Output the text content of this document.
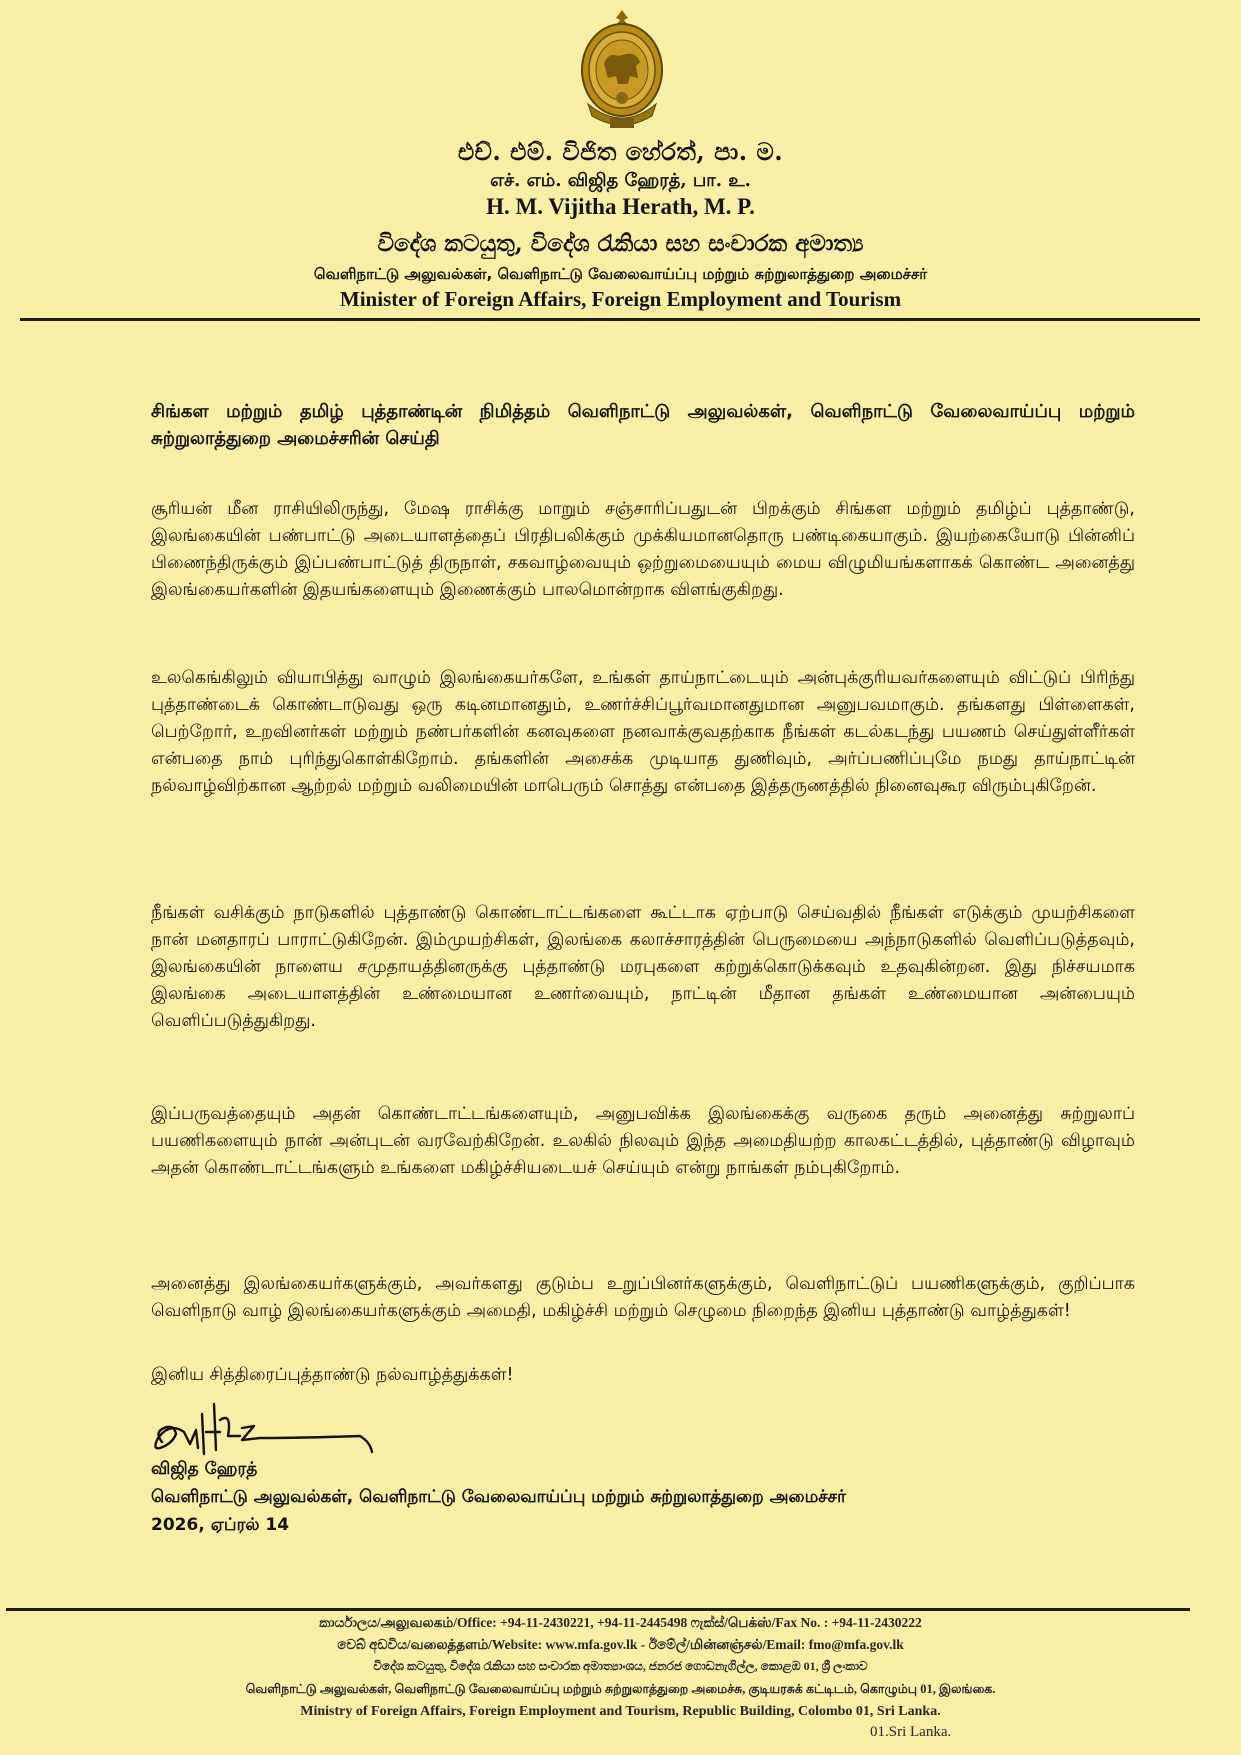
එච්. එම්. විජිත හේරත්, පා. ම.
எச். எம். விஜித ஹேரத், பா. உ.
H. M. Vijitha Herath, M. P.
විදේශ කටයුතු, විදේශ රැකියා සහ සංචාරක අමාත්‍ය
வெளிநாட்டு அலுவல்கள், வெளிநாட்டு வேலைவாய்ப்பு மற்றும் சுற்றுலாத்துறை அமைச்சர்
Minister of Foreign Affairs, Foreign Employment and Tourism
சிங்கள மற்றும் தமிழ் புத்தாண்டின் நிமித்தம் வெளிநாட்டு அலுவல்கள், வெளிநாட்டு வேலைவாய்ப்பு மற்றும் சுற்றுலாத்துறை அமைச்சரின் செய்தி

சூரியன் மீன ராசியிலிருந்து, மேஷ ராசிக்கு மாறும் சஞ்சாரிப்பதுடன் பிறக்கும் சிங்கள மற்றும் தமிழ்ப் புத்தாண்டு, இலங்கையின் பண்பாட்டு அடையாளத்தைப் பிரதிபலிக்கும் முக்கியமானதொரு பண்டிகையாகும். இயற்கையோடு பின்னிப் பிணைந்திருக்கும் இப்பண்பாட்டுத் திருநாள், சகவாழ்வையும் ஒற்றுமையையும் மைய விழுமியங்களாகக் கொண்ட அனைத்து இலங்கையர்களின் இதயங்களையும் இணைக்கும் பாலமொன்றாக விளங்குகிறது.

உலகெங்கிலும் வியாபித்து வாழும் இலங்கையர்களே, உங்கள் தாய்நாட்டையும் அன்புக்குரியவர்களையும் விட்டுப் பிரிந்து புத்தாண்டைக் கொண்டாடுவது ஒரு கடினமானதும், உணர்ச்சிப்பூர்வமானதுமான அனுபவமாகும். தங்களது பிள்ளைகள், பெற்றோர், உறவினர்கள் மற்றும் நண்பர்களின் கனவுகளை நனவாக்குவதற்காக நீங்கள் கடல்கடந்து பயணம் செய்துள்ளீர்கள் என்பதை நாம் புரிந்துகொள்கிறோம். தங்களின் அசைக்க முடியாத துணிவும், அர்ப்பணிப்புமே நமது தாய்நாட்டின் நல்வாழ்விற்கான ஆற்றல் மற்றும் வலிமையின் மாபெரும் சொத்து என்பதை இத்தருணத்தில் நினைவுகூர விரும்புகிறேன்.

நீங்கள் வசிக்கும் நாடுகளில் புத்தாண்டு கொண்டாட்டங்களை கூட்டாக ஏற்பாடு செய்வதில் நீங்கள் எடுக்கும் முயற்சிகளை நான் மனதாரப் பாராட்டுகிறேன். இம்முயற்சிகள், இலங்கை கலாச்சாரத்தின் பெருமையை அந்நாடுகளில் வெளிப்படுத்தவும், இலங்கையின் நாளைய சமுதாயத்தினருக்கு புத்தாண்டு மரபுகளை கற்றுக்கொடுக்கவும் உதவுகின்றன. இது நிச்சயமாக இலங்கை அடையாளத்தின் உண்மையான உணர்வையும், நாட்டின் மீதான தங்கள் உண்மையான அன்பையும் வெளிப்படுத்துகிறது.

இப்பருவத்தையும் அதன் கொண்டாட்டங்களையும், அனுபவிக்க இலங்கைக்கு வருகை தரும் அனைத்து சுற்றுலாப் பயணிகளையும் நான் அன்புடன் வரவேற்கிறேன். உலகில் நிலவும் இந்த அமைதியற்ற காலகட்டத்தில், புத்தாண்டு விழாவும் அதன் கொண்டாட்டங்களும் உங்களை மகிழ்ச்சியடையச் செய்யும் என்று நாங்கள் நம்புகிறோம்.

அனைத்து இலங்கையர்களுக்கும், அவர்களது குடும்ப உறுப்பினர்களுக்கும், வெளிநாட்டுப் பயணிகளுக்கும், குறிப்பாக வெளிநாடு வாழ் இலங்கையர்களுக்கும் அமைதி, மகிழ்ச்சி மற்றும் செழுமை நிறைந்த இனிய புத்தாண்டு வாழ்த்துகள்!

இனிய சித்திரைப்புத்தாண்டு நல்வாழ்த்துக்கள்!

விஜித ஹேரத்
வெளிநாட்டு அலுவல்கள், வெளிநாட்டு வேலைவாய்ப்பு மற்றும் சுற்றுலாத்துறை அமைச்சர்
2026, ஏப்ரல் 14
කාර්යාලය/அலுவலகம்/Office: +94-11-2430221, +94-11-2445498 ෆැක්ස්/பெக்ஸ்/Fax No. : +94-11-2430222
වෙබ් අඩවිය/வலைத்தளம்/Website: www.mfa.gov.lk - ඊමේල්/மின்னஞ்சல்/Email: fmo@mfa.gov.lk
විදේශ කටයුතු, විදේශ රැකියා සහ සංචාරක අමාත්‍යාංශය, ජනරජ ගොඩනැගිල්ල, කොළඹ 01, ශ්‍රී ලංකාව
வெளிநாட்டு அலுவல்கள், வெளிநாட்டு வேலைவாய்ப்பு மற்றும் சுற்றுலாத்துறை அமைச்சு, குடியரசுக் கட்டிடம், கொழும்பு 01, இலங்கை.
Ministry of Foreign Affairs, Foreign Employment and Tourism, Republic Building, Colombo 01, Sri Lanka.
01.Sri Lanka.
